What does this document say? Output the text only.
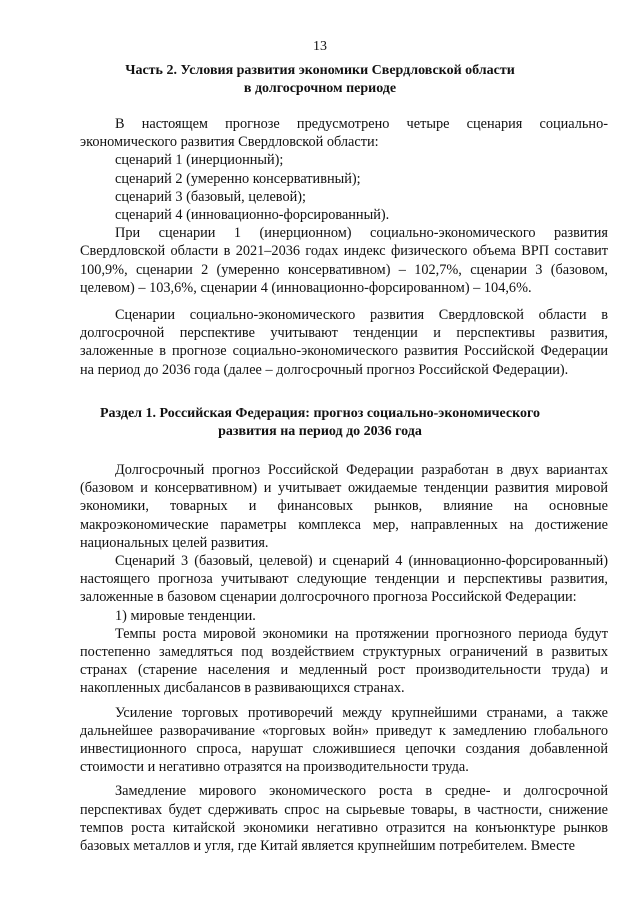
13
Часть 2. Условия развития экономики Свердловской области
в долгосрочном периоде

В настоящем прогнозе предусмотрено четыре сценария социально-экономического развития Свердловской области:

сценарий 1 (инерционный);

сценарий 2 (умеренно консервативный);

сценарий 3 (базовый, целевой);

сценарий 4 (инновационно-форсированный).

При сценарии 1 (инерционном) социально-экономического развития Свердловской области в 2021–2036 годах индекс физического объема ВРП составит 100,9%, сценарии 2 (умеренно консервативном) – 102,7%, сценарии 3 (базовом, целевом) – 103,6%, сценарии 4 (инновационно-форсированном) – 104,6%.

Сценарии социально-экономического развития Свердловской области в долгосрочной перспективе учитывают тенденции и перспективы развития, заложенные в прогнозе социально-экономического развития Российской Федерации на период до 2036 года (далее – долгосрочный прогноз Российской Федерации).

Раздел 1. Российская Федерация: прогноз социально-экономического
развития на период до 2036 года

Долгосрочный прогноз Российской Федерации разработан в двух вариантах (базовом и консервативном) и учитывает ожидаемые тенденции развития мировой экономики, товарных и финансовых рынков, влияние на основные макроэкономические параметры комплекса мер, направленных на достижение национальных целей развития.

Сценарий 3 (базовый, целевой) и сценарий 4 (инновационно-форсированный) настоящего прогноза учитывают следующие тенденции и перспективы развития, заложенные в базовом сценарии долгосрочного прогноза Российской Федерации:

1) мировые тенденции.

Темпы роста мировой экономики на протяжении прогнозного периода будут постепенно замедляться под воздействием структурных ограничений в развитых странах (старение населения и медленный рост производительности труда) и накопленных дисбалансов в развивающихся странах.

Усиление торговых противоречий между крупнейшими странами, а также дальнейшее разворачивание «торговых войн» приведут к замедлению глобального инвестиционного спроса, нарушат сложившиеся цепочки создания добавленной стоимости и негативно отразятся на производительности труда.

Замедление мирового экономического роста в средне- и долгосрочной перспективах будет сдерживать спрос на сырьевые товары, в частности, снижение темпов роста китайской экономики негативно отразится на конъюнктуре рынков базовых металлов и угля, где Китай является крупнейшим потребителем. Вместе
